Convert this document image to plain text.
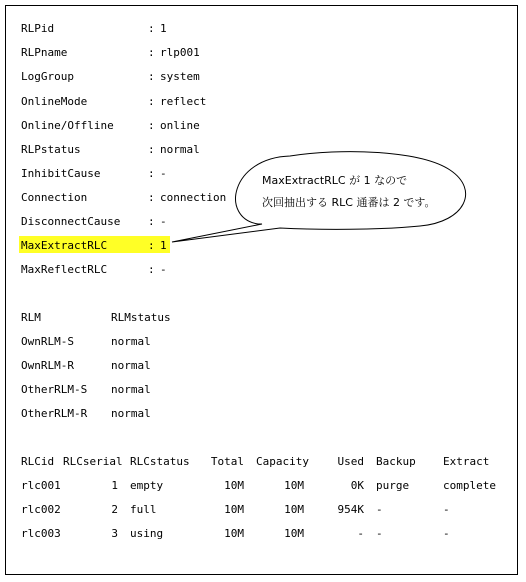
RLPid	: 1
RLPname	: rlp001
LogGroup	: system
OnlineMode	: reflect
Online/Offline	: online
RLPstatus	: normal
InhibitCause	: -
Connection	: connection
DisconnectCause	: -
MaxExtractRLC	: 1
MaxReflectRLC	: -
RLM	RLMstatus
OwnRLM-S	normal
OwnRLM-R	normal
OtherRLM-S normal
OtherRLM-R normal
RLCid RLCserial RLCstatus	Total Capacity	Used Backup Extract
rlc001	1 empty	10M	10M	0K purge	complete
rlc002	2 full	10M	10M	954K -	-
rlc003	3 using	10M	10M	- -	-
MaxExtractRLC が 1 なので
次回抽出する RLC 通番は 2 です。
